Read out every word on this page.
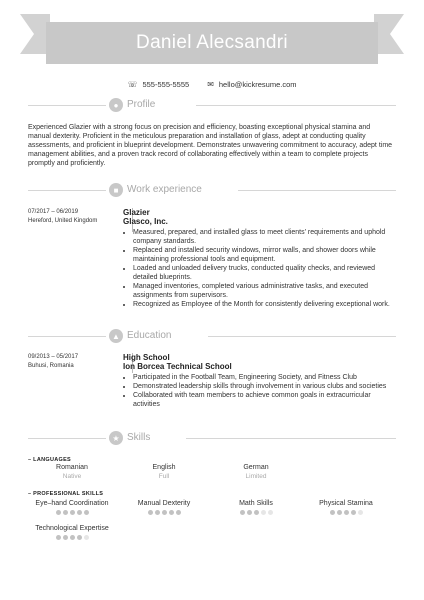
Daniel Alecsandri
☏ 555-555-5555 ✉ hello@kickresume.com
● Profile
Experienced Glazier with a strong focus on precision and efficiency, boasting exceptional physical stamina and manual dexterity. Proficient in the meticulous preparation and installation of glass, adept at conducting quality assessments, and proficient in blueprint development. Demonstrates unwavering commitment to accuracy, adept time management abilities, and a proven track record of collaborating effectively within a team to complete projects promptly and proficiently.
■ Work experience
07/2017 – 06/2019
Hereford, United Kingdom
Glazier
Glasco, Inc.
• Measured, prepared, and installed glass to meet clients' requirements and uphold company standards.
• Replaced and installed security windows, mirror walls, and shower doors while maintaining professional tools and equipment.
• Loaded and unloaded delivery trucks, conducted quality checks, and reviewed detailed blueprints.
• Managed inventories, completed various administrative tasks, and executed assignments from supervisors.
• Recognized as Employee of the Month for consistently delivering exceptional work.
▲ Education
09/2013 – 05/2017
Buhusi, Romania
High School
Ion Borcea Technical School
• Participated in the Football Team, Engineering Society, and Fitness Club
• Demonstrated leadership skills through involvement in various clubs and societies
• Collaborated with team members to achieve common goals in extracurricular activities
★ Skills
– LANGUAGES
Romanian
Native
English
Full
German
Limited
– PROFESSIONAL SKILLS
Eye–hand Coordination	Manual Dexterity	Math Skills	Physical Stamina
Technological Expertise
